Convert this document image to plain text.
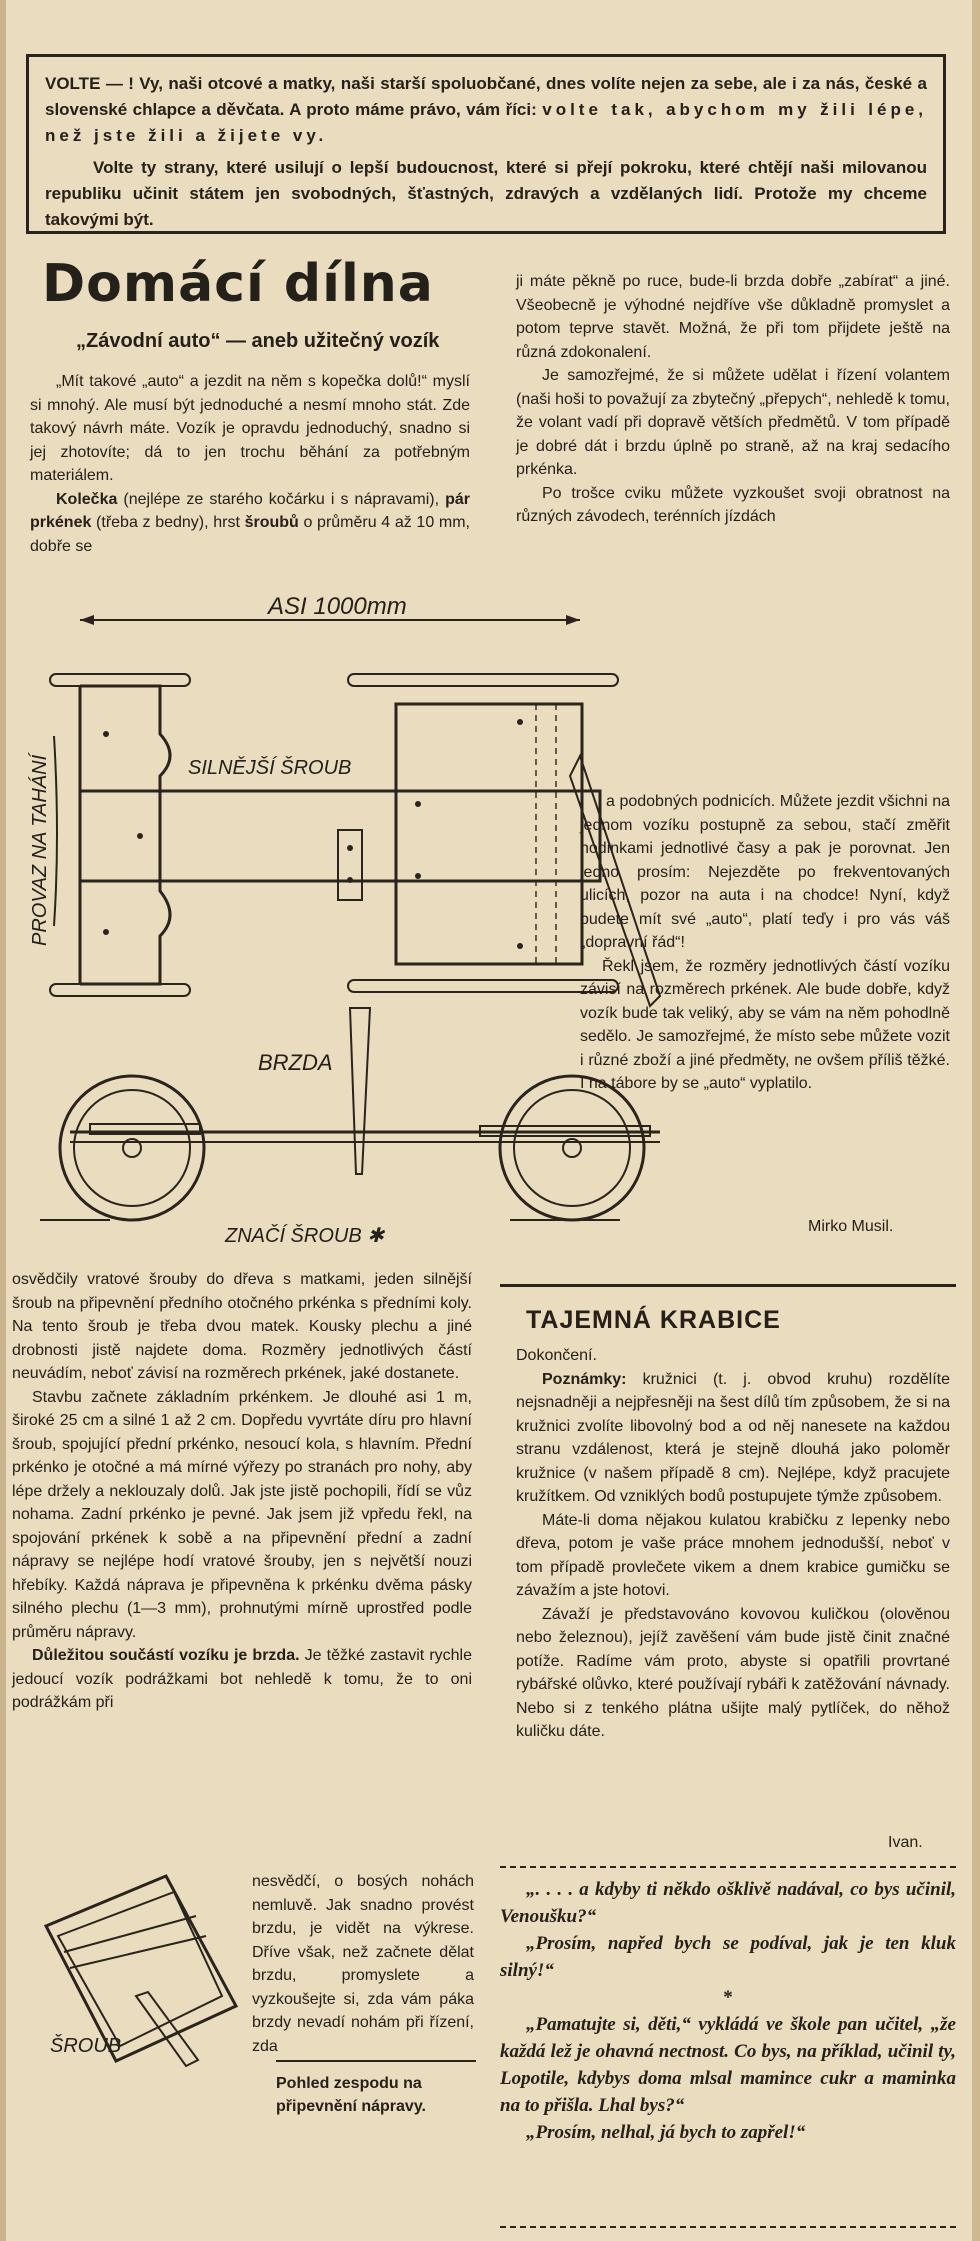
VOLTE — ! Vy, naši otcové a matky, naši starší spoluobčané, dnes volíte nejen za sebe, ale i za nás, české a slovenské chlapce a děvčata. A proto máme právo, vám říci: volte tak, abychom my žili lépe, než jste žili a žijete vy.

Volte ty strany, které usilují o lepší budoucnost, které si přejí pokroku, které chtějí naši milovanou republiku učinit státem jen svobodných, šťastných, zdravých a vzdělaných lidí. Protože my chceme takovými být.

Domácí dílna
„Závodní auto“ — aneb užitečný vozík

„Mít takové „auto“ a jezdit na něm s kopečka dolů!“ myslí si mnohý. Ale musí být jednoduché a nesmí mnoho stát. Zde takový návrh máte. Vozík je opravdu jednoduchý, snadno si jej zhotovíte; dá to jen trochu běhání za potřebným materiálem.

Kolečka (nejlépe ze starého kočárku i s nápravami), pár prkének (třeba z bedny), hrst šroubů o průměru 4 až 10 mm, dobře se

ji máte pěkně po ruce, bude-li brzda dobře „zabírat“ a jiné. Všeobecně je výhodné nejdříve vše důkladně promyslet a potom teprve stavět. Možná, že při tom přijdete ještě na různá zdokonalení.

Je samozřejmé, že si můžete udělat i řízení volantem (naši hoši to považují za zbytečný „přepych“, nehledě k tomu, že volant vadí při dopravě větších předmětů. V tom případě je dobré dát i brzdu úplně po straně, až na kraj sedacího prkénka.

Po trošce cviku můžete vyzkoušet svoji obratnost na různých závodech, terénních jízdách

ASI 1000mm
PROVAZ NA TAHÁNÍ	SILNĚJŠÍ ŠROUB
BRZDA
ZNAČÍ ŠROUB ✱

a podobných podnicích. Můžete jezdit všichni na jednom vozíku postupně za sebou, stačí změřit hodinkami jednotlivé časy a pak je porovnat. Jen jedno prosím: Nejezděte po frekventovaných ulicích, pozor na auta i na chodce! Nyní, když budete mít své „auto“, platí teďy i pro vás váš „dopravní řád“!

Řekl jsem, že rozměry jednotlivých částí vozíku závisí na rozměrech prkének. Ale bude dobře, když vozík bude tak veliký, aby se vám na něm pohodlně sedělo. Je samozřejmé, že místo sebe můžete vozit i různé zboží a jiné předměty, ne ovšem příliš těžké. I na tábore by se „auto“ vyplatilo.

Mirko Musil.

osvědčily vratové šrouby do dřeva s matkami, jeden silnější šroub na připevnění předního otočného prkénka s předními koly. Na tento šroub je třeba dvou matek. Kousky plechu a jiné drobnosti jistě najdete doma. Rozměry jednotlivých částí neuvádím, neboť závisí na rozměrech prkének, jaké dostanete.

Stavbu začnete základním prkénkem. Je dlouhé asi 1 m, široké 25 cm a silné 1 až 2 cm. Dopředu vyvrtáte díru pro hlavní šroub, spojující přední prkénko, nesoucí kola, s hlavním. Přední prkénko je otočné a má mírné výřezy po stranách pro nohy, aby lépe držely a neklouzaly dolů. Jak jste jistě pochopili, řídí se vůz nohama. Zadní prkénko je pevné. Jak jsem již vpředu řekl, na spojování prkének k sobě a na připevnění přední a zadní nápravy se nejlépe hodí vratové šrouby, jen s největší nouzi hřebíky. Každá náprava je připevněna k prkénku dvěma pásky silného plechu (1—3 mm), prohnutými mírně uprostřed podle průměru nápravy.

Důležitou součástí vozíku je brzda. Je těžké zastavit rychle jedoucí vozík podrážkami bot nehledě k tomu, že to oni podrážkám při

ŠROUB

nesvědčí, o bosých nohách nemluvě. Jak snadno provést brzdu, je vidět na výkrese. Dříve však, než začnete dělat brzdu, promyslete a vyzkoušejte si, zda vám páka brzdy nevadí nohám při řízení, zda

Pohled zespodu na připevnění nápravy.
TAJEMNÁ KRABICE

Dokončení.

Poznámky: kružnici (t. j. obvod kruhu) rozdělíte nejsnadněji a nejpřesněji na šest dílů tím způsobem, že si na kružnici zvolíte libovolný bod a od něj nanesete na každou stranu vzdálenost, která je stejně dlouhá jako poloměr kružnice (v našem případě 8 cm). Nejlépe, když pracujete kružítkem. Od vzniklých bodů postupujete týmže způsobem.

Máte-li doma nějakou kulatou krabičku z lepenky nebo dřeva, potom je vaše práce mnohem jednodušší, neboť v tom případě provlečete vikem a dnem krabice gumičku se závažím a jste hotovi.

Závaží je představováno kovovou kuličkou (olověnou nebo železnou), jejíž zavěšení vám bude jistě činit značné potíže. Radíme vám proto, abyste si opatřili provrtané rybářské olůvko, které používají rybáři k zatěžování návnady. Nebo si z tenkého plátna ušijte malý pytlíček, do něhož kuličku dáte.

Ivan.

„. . . . a kdyby ti někdo ošklivě nadával, co bys učinil, Venoušku?“

„Prosím, napřed bych se podíval, jak je ten kluk silný!“

*

„Pamatujte si, děti,“ vykládá ve škole pan učitel, „že každá lež je ohavná nectnost. Co bys, na příklad, učinil ty, Lopotile, kdybys doma mlsal mamince cukr a maminka na to přišla. Lhal bys?“

„Prosím, nelhal, já bych to zapřel!“
